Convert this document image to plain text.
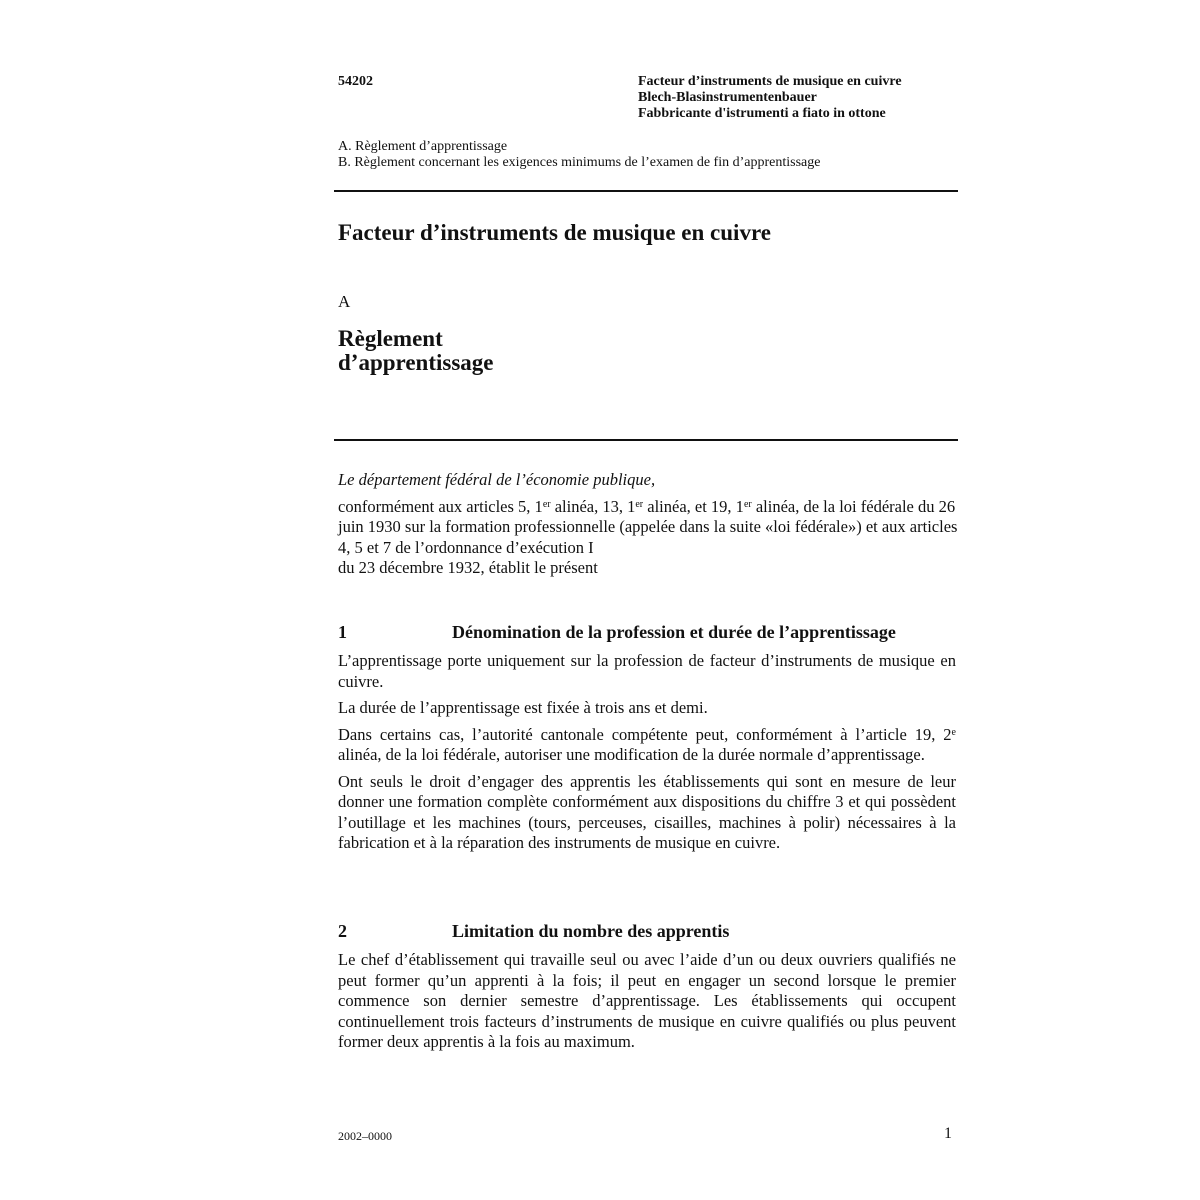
54202	Facteur d’instruments de musique en cuivre
Blech-Blasinstrumentenbauer
Fabbricante d'istrumenti a fiato in ottone
A. Règlement d’apprentissage
B. Règlement concernant les exigences minimums de l’examen de fin d’apprentissage
Facteur d’instruments de musique en cuivre
A
Règlement
d’apprentissage
Le département fédéral de l’économie publique,
conformément aux articles 5, 1er alinéa, 13, 1er alinéa, et 19, 1er alinéa, de la loi fédérale du 26 juin 1930 sur la formation professionnelle (appelée dans la suite «loi fédérale») et aux articles 4, 5 et 7 de l’ordonnance d’exécution I
du 23 décembre 1932, établit le présent
1	Dénomination de la profession et durée de l’apprentissage

L’apprentissage porte uniquement sur la profession de facteur d’instruments de musique en cuivre.

La durée de l’apprentissage est fixée à trois ans et demi.

Dans certains cas, l’autorité cantonale compétente peut, conformément à l’article 19, 2e alinéa, de la loi fédérale, autoriser une modification de la durée normale d’apprentissage.

Ont seuls le droit d’engager des apprentis les établissements qui sont en mesure de leur donner une formation complète conformément aux dispositions du chiffre 3 et qui possèdent l’outillage et les machines (tours, perceuses, cisailles, machines à polir) nécessaires à la fabrication et à la réparation des instruments de musique en cuivre.

2	Limitation du nombre des apprentis

Le chef d’établissement qui travaille seul ou avec l’aide d’un ou deux ouvriers qualifiés ne peut former qu’un apprenti à la fois; il peut en engager un second lorsque le premier commence son dernier semestre d’apprentissage. Les établissements qui occupent continuellement trois facteurs d’instruments de musique en cuivre qualifiés ou plus peuvent former deux apprentis à la fois au maximum.

2002–0000	1
